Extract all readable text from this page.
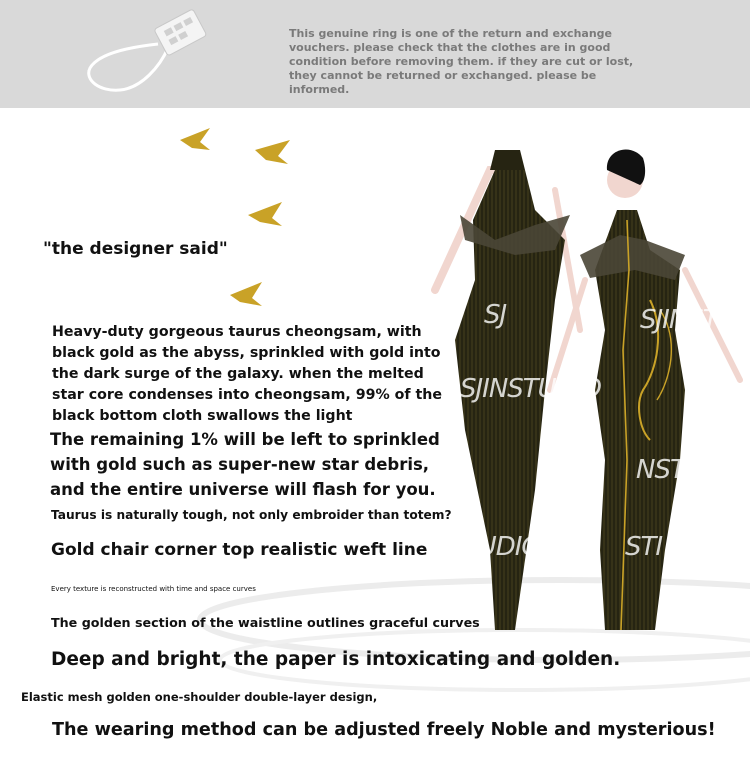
This genuine ring is one of the return and exchange vouchers. please check that the clothes are in good condition before removing them. if they are cut or lost, they cannot be returned or exchanged. please be informed.
SJ
SJINSTUDIO
SJINST
NSTUDIO
SJINSTUDIO	STI
"the designer said"
Heavy-duty gorgeous taurus cheongsam, with black gold as the abyss, sprinkled with gold into the dark surge of the galaxy. when the melted star core condenses into cheongsam, 99% of the black bottom cloth swallows the light
The remaining 1% will be left to sprinkled with gold such as super-new star debris, and the entire universe will flash for you.
Taurus is naturally tough, not only embroider than totem?
Gold chair corner top realistic weft line
Every texture is reconstructed with time and space curves
The golden section of the waistline outlines graceful curves
Deep and bright, the paper is intoxicating and golden.
Elastic mesh golden one-shoulder double-layer design,
The wearing method can be adjusted freely Noble and mysterious!
